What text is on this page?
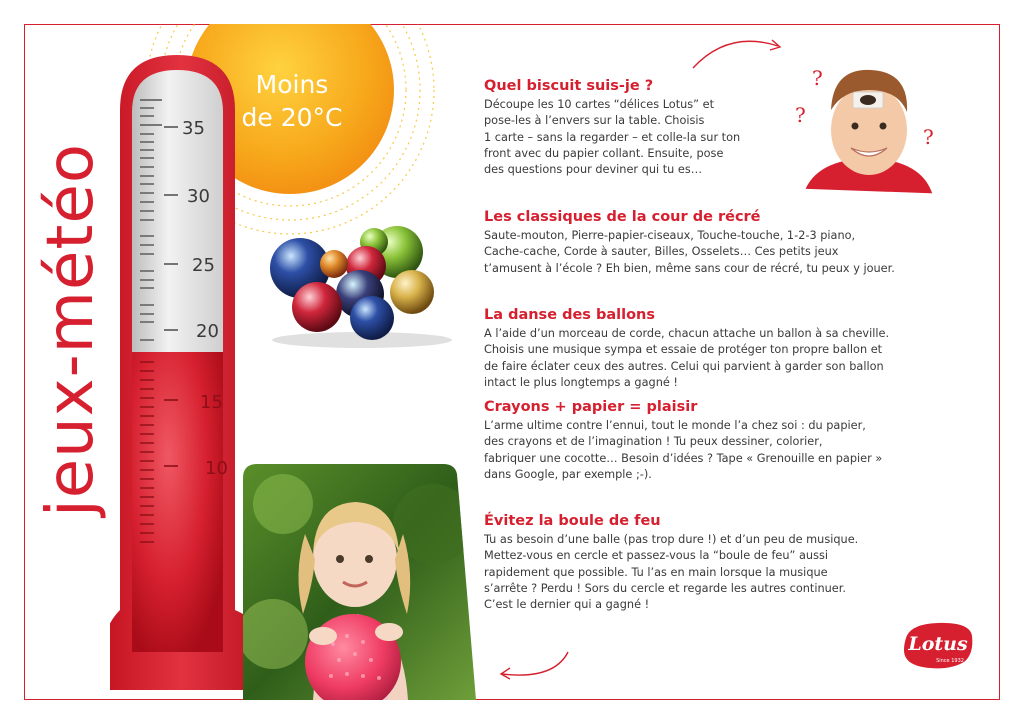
jeux-météo
35
30
25
20
15
10
Moins
de 20°C
?
?
?
Quel biscuit suis-je ?

Découpe les 10 cartes “délices Lotus” et
pose-les à l’envers sur la table. Choisis
1 carte – sans la regarder – et colle-la sur ton
front avec du papier collant. Ensuite, pose
des questions pour deviner qui tu es…

Les classiques de la cour de récré

Saute-mouton, Pierre-papier-ciseaux, Touche-touche, 1-2-3 piano,
Cache-cache, Corde à sauter, Billes, Osselets… Ces petits jeux
t’amusent à l’école ? Eh bien, même sans cour de récré, tu peux y jouer.

La danse des ballons

A l’aide d’un morceau de corde, chacun attache un ballon à sa cheville.
Choisis une musique sympa et essaie de protéger ton propre ballon et
de faire éclater ceux des autres. Celui qui parvient à garder son ballon
intact le plus longtemps a gagné !

Crayons + papier = plaisir

L’arme ultime contre l’ennui, tout le monde l’a chez soi : du papier,
des crayons et de l’imagination ! Tu peux dessiner, colorier,
fabriquer une cocotte… Besoin d’idées ? Tape « Grenouille en papier »
dans Google, par exemple ;-).

Évitez la boule de feu

Tu as besoin d’une balle (pas trop dure !) et d’un peu de musique.
Mettez-vous en cercle et passez-vous la “boule de feu” aussi
rapidement que possible. Tu l’as en main lorsque la musique
s’arrête ? Perdu ! Sors du cercle et regarde les autres continuer.
C’est le dernier qui a gagné !

Lotus
Since 1932
